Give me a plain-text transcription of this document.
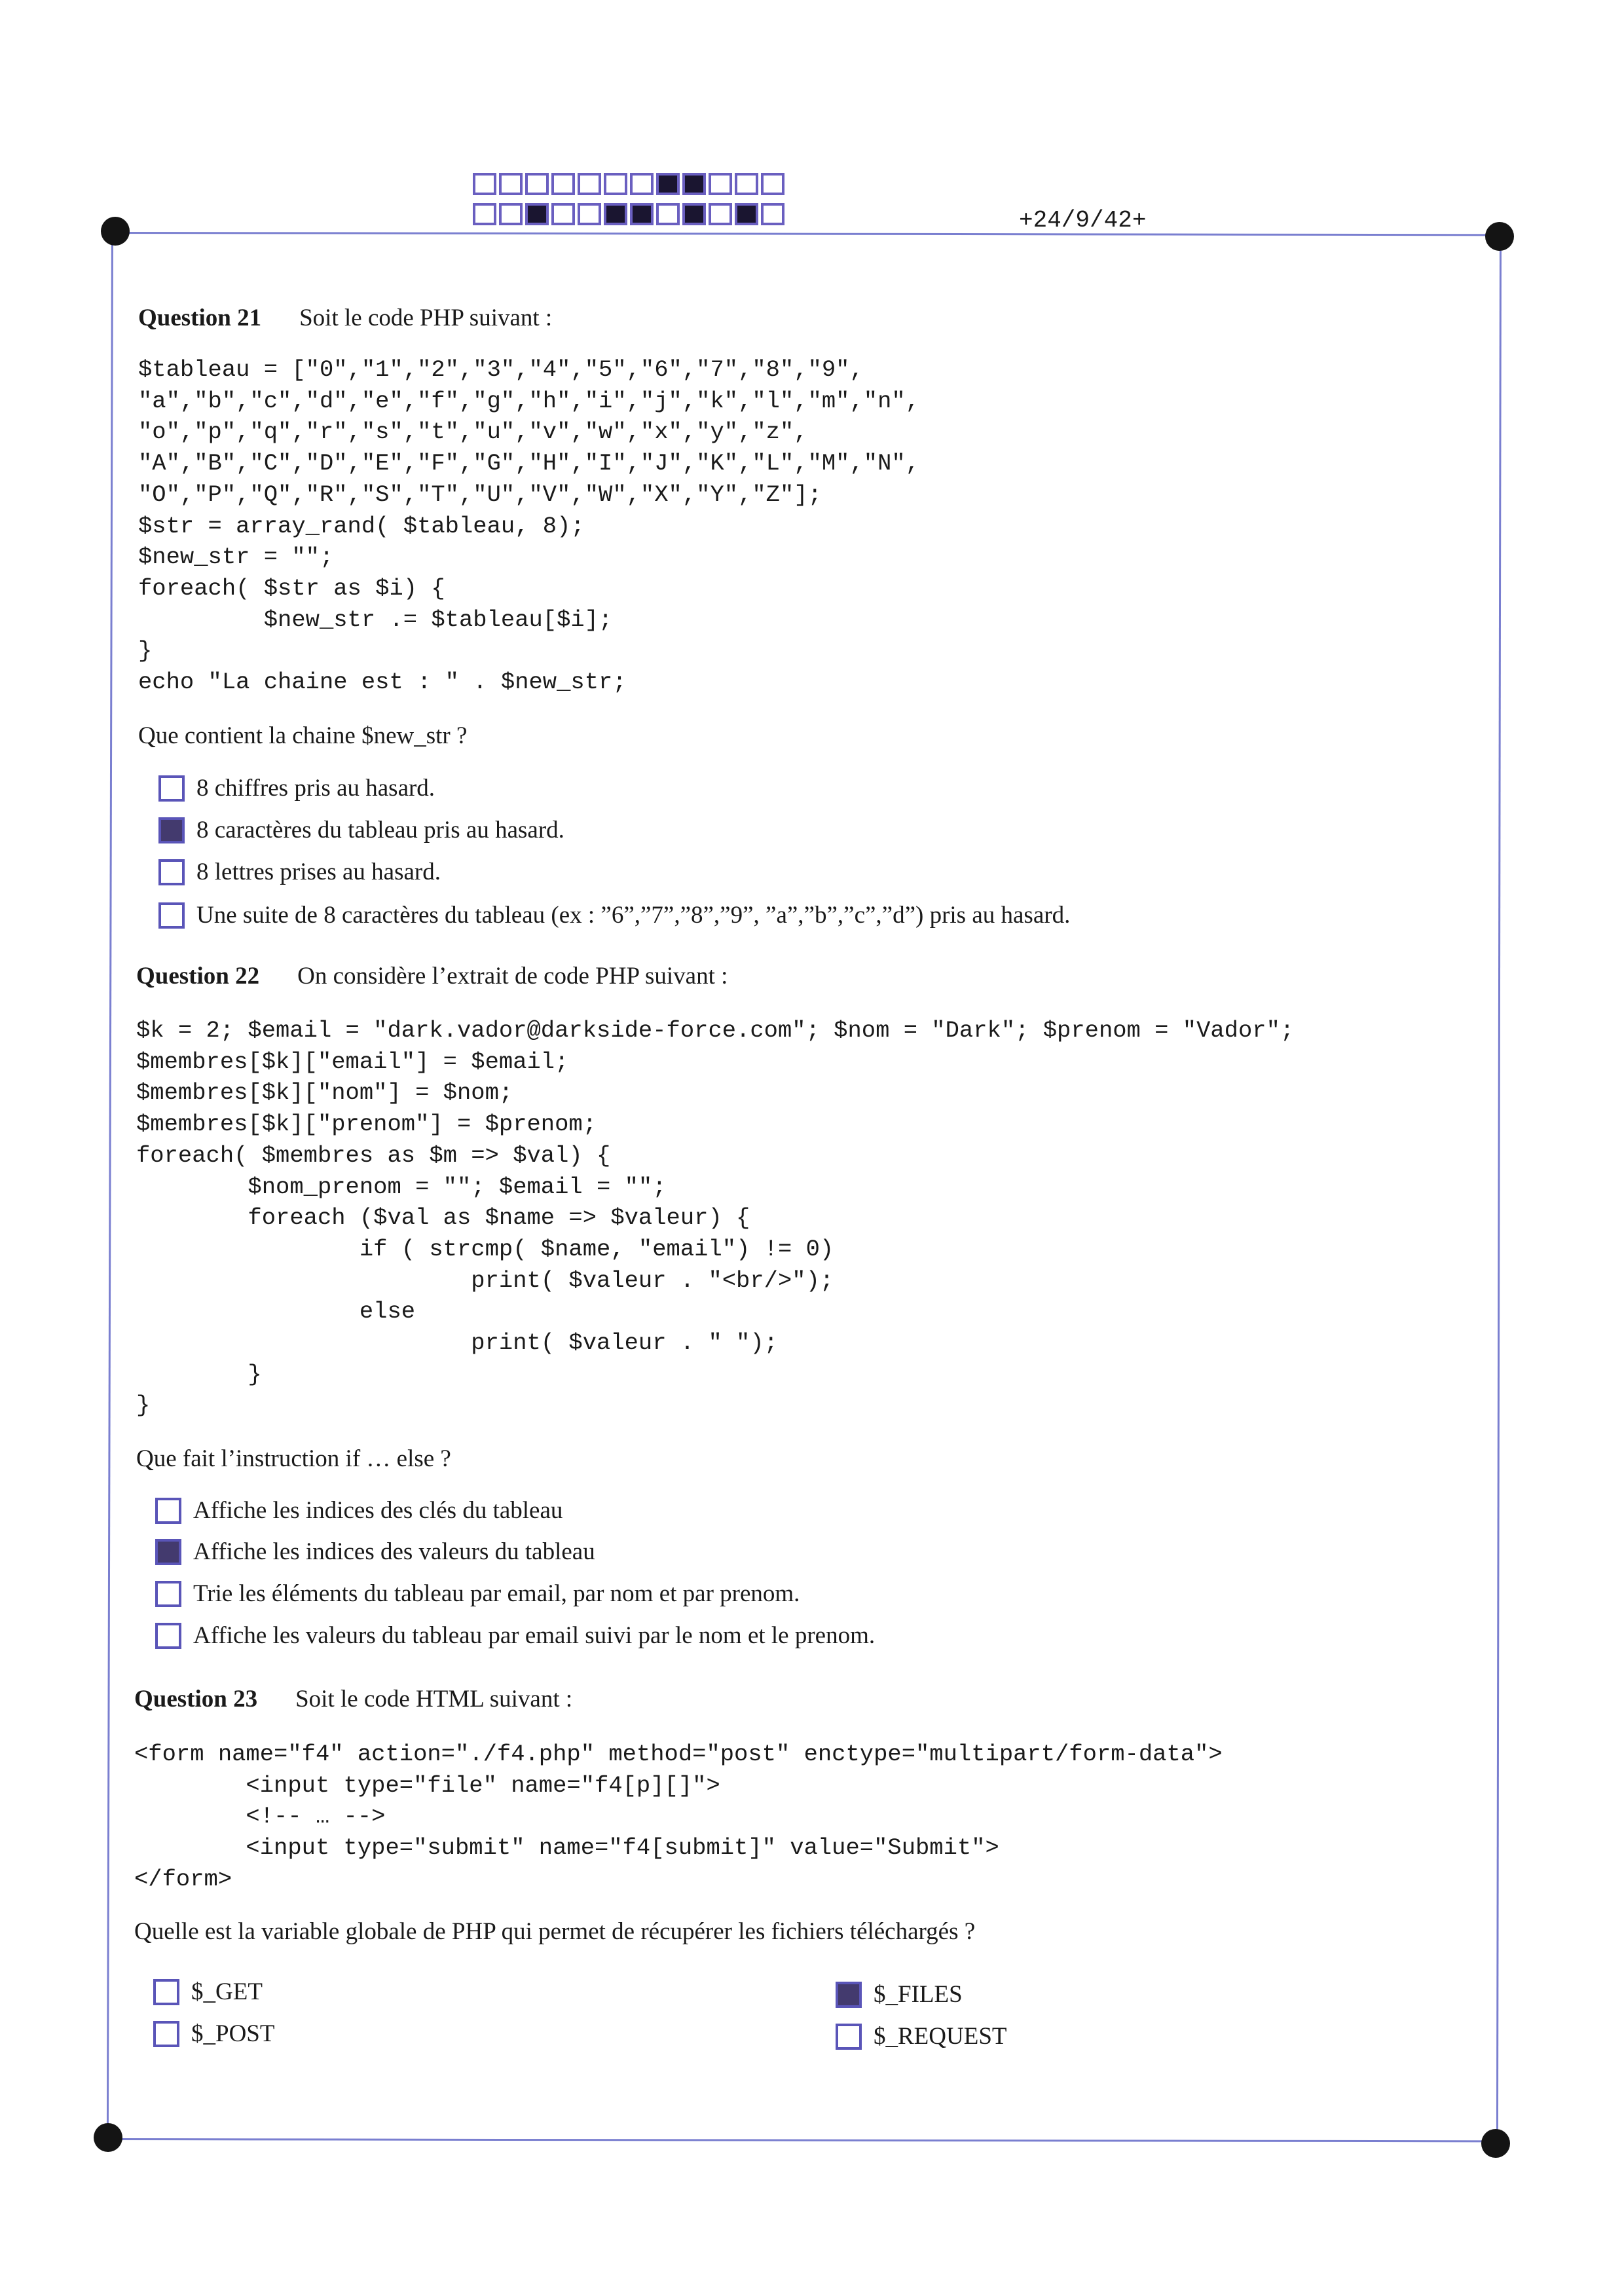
+24/9/42+
Question 21 Soit le code PHP suivant :
$tableau = ["0","1","2","3","4","5","6","7","8","9",
"a","b","c","d","e","f","g","h","i","j","k","l","m","n",
"o","p","q","r","s","t","u","v","w","x","y","z",
"A","B","C","D","E","F","G","H","I","J","K","L","M","N",
"O","P","Q","R","S","T","U","V","W","X","Y","Z"];
$str = array_rand( $tableau, 8);
$new_str = "";
foreach( $str as $i) {
$new_str .= $tableau[$i];
}
echo "La chaine est : " . $new_str;
Que contient la chaine $new_str ?
8 chiffres pris au hasard.
8 caractères du tableau pris au hasard.
8 lettres prises au hasard.
Une suite de 8 caractères du tableau (ex : ”6”,”7”,”8”,”9”, ”a”,”b”,”c”,”d”) pris au hasard.
Question 22 On considère l’extrait de code PHP suivant :
$k = 2; $email = "dark.vador@darkside-force.com"; $nom = "Dark"; $prenom = "Vador";
$membres[$k]["email"] = $email;
$membres[$k]["nom"] = $nom;
$membres[$k]["prenom"] = $prenom;
foreach( $membres as $m => $val) {
$nom_prenom = ""; $email = "";
foreach ($val as $name => $valeur) {
if ( strcmp( $name, "email") != 0)
print( $valeur . "<br/>");
else
print( $valeur . " ");
}
}
Que fait l’instruction if … else ?
Affiche les indices des clés du tableau
Affiche les indices des valeurs du tableau
Trie les éléments du tableau par email, par nom et par prenom.
Affiche les valeurs du tableau par email suivi par le nom et le prenom.
Question 23 Soit le code HTML suivant :
<form name="f4" action="./f4.php" method="post" enctype="multipart/form-data">
<input type="file" name="f4[p][]">
<!-- … -->
<input type="submit" name="f4[submit]" value="Submit">
</form>
Quelle est la variable globale de PHP qui permet de récupérer les fichiers téléchargés ?
$_GET
$_POST
$_FILES
$_REQUEST
